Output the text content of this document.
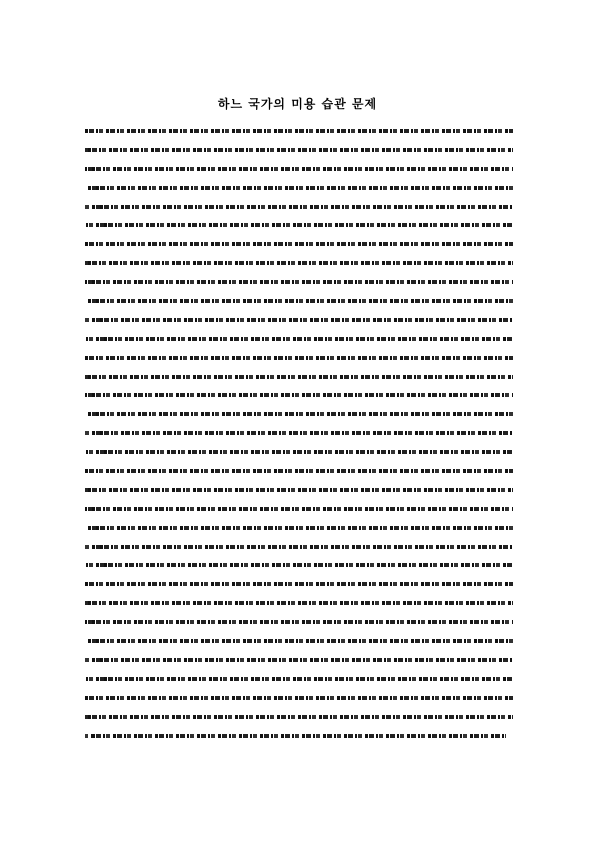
하느 국가의 미용 습관 문제
